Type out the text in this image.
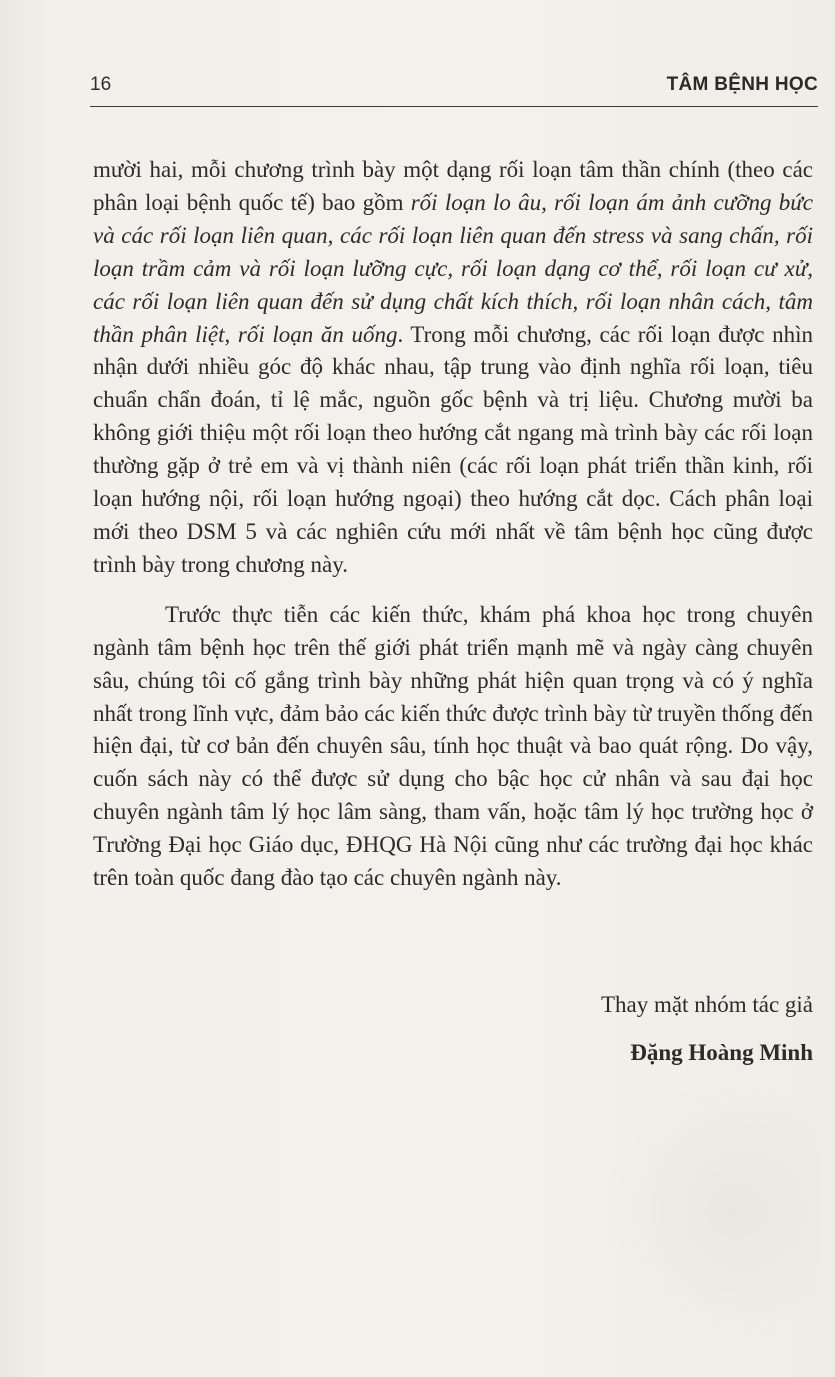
16	TÂM BỆNH HỌC

mười hai, mỗi chương trình bày một dạng rối loạn tâm thần chính (theo các phân loại bệnh quốc tế) bao gồm rối loạn lo âu, rối loạn ám ảnh cưỡng bức và các rối loạn liên quan, các rối loạn liên quan đến stress và sang chấn, rối loạn trầm cảm và rối loạn lưỡng cực, rối loạn dạng cơ thể, rối loạn cư xử, các rối loạn liên quan đến sử dụng chất kích thích, rối loạn nhân cách, tâm thần phân liệt, rối loạn ăn uống. Trong mỗi chương, các rối loạn được nhìn nhận dưới nhiều góc độ khác nhau, tập trung vào định nghĩa rối loạn, tiêu chuẩn chẩn đoán, tỉ lệ mắc, nguồn gốc bệnh và trị liệu. Chương mười ba không giới thiệu một rối loạn theo hướng cắt ngang mà trình bày các rối loạn thường gặp ở trẻ em và vị thành niên (các rối loạn phát triển thần kinh, rối loạn hướng nội, rối loạn hướng ngoại) theo hướng cắt dọc. Cách phân loại mới theo DSM 5 và các nghiên cứu mới nhất về tâm bệnh học cũng được trình bày trong chương này.

Trước thực tiễn các kiến thức, khám phá khoa học trong chuyên ngành tâm bệnh học trên thế giới phát triển mạnh mẽ và ngày càng chuyên sâu, chúng tôi cố gắng trình bày những phát hiện quan trọng và có ý nghĩa nhất trong lĩnh vực, đảm bảo các kiến thức được trình bày từ truyền thống đến hiện đại, từ cơ bản đến chuyên sâu, tính học thuật và bao quát rộng. Do vậy, cuốn sách này có thể được sử dụng cho bậc học cử nhân và sau đại học chuyên ngành tâm lý học lâm sàng, tham vấn, hoặc tâm lý học trường học ở Trường Đại học Giáo dục, ĐHQG Hà Nội cũng như các trường đại học khác trên toàn quốc đang đào tạo các chuyên ngành này.

Thay mặt nhóm tác giả
Đặng Hoàng Minh
